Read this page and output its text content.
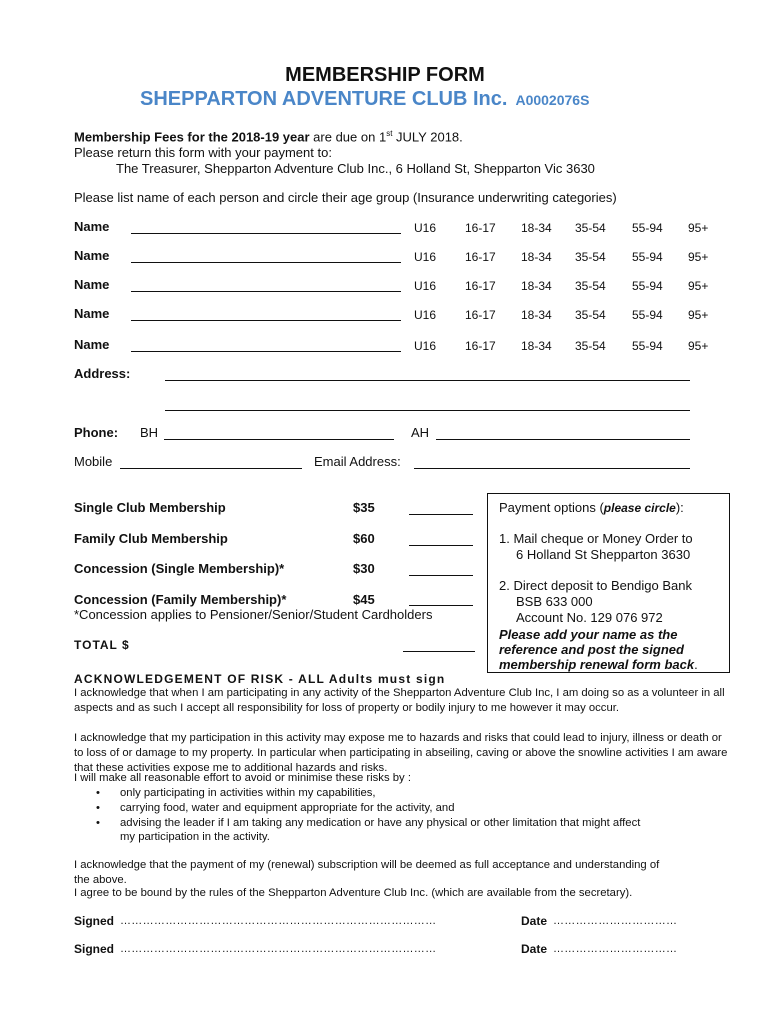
MEMBERSHIP FORM
SHEPPARTON ADVENTURE CLUB Inc. A0002076S
Membership Fees for the 2018-19 year are due on 1st JULY 2018.
Please return this form with your payment to:
The Treasurer, Shepparton Adventure Club Inc., 6 Holland St, Shepparton Vic 3630
Please list name of each person and circle their age group (Insurance underwriting categories)
Name	U16 16-17 18-34 35-54 55-94 95+
Name	U16 16-17 18-34 35-54 55-94 95+
Name	U16 16-17 18-34 35-54 55-94 95+
Name	U16 16-17 18-34 35-54 55-94 95+
Name	U16 16-17 18-34 35-54 55-94 95+
Address:
Phone: BH	AH
Mobile	Email Address:
Single Club Membership	$35
Family Club Membership	$60
Concession (Single Membership)*	$30
Concession (Family Membership)*	$45
*Concession applies to Pensioner/Senior/Student Cardholders
TOTAL $
Payment options (please circle):
1. Mail cheque or Money Order to
6 Holland St Shepparton 3630
2. Direct deposit to Bendigo Bank
BSB 633 000
Account No. 129 076 972
Please add your name as the
reference and post the signed
membership renewal form back.
ACKNOWLEDGEMENT OF RISK - ALL Adults must sign
I acknowledge that when I am participating in any activity of the Shepparton Adventure Club Inc, I am doing so as a volunteer in all aspects and as such I accept all responsibility for loss of property or bodily injury to me however it may occur.
I acknowledge that my participation in this activity may expose me to hazards and risks that could lead to injury, illness or death or to loss of or damage to my property. In particular when participating in abseiling, caving or above the snowline activities I am aware that these activities expose me to additional hazards and risks.
I will make all reasonable effort to avoid or minimise these risks by :
• only participating in activities within my capabilities,
• carrying food, water and equipment appropriate for the activity, and
• advising the leader if I am taking any medication or have any physical or other limitation that might affect
my participation in the activity.
I acknowledge that the payment of my (renewal) subscription will be deemed as full acceptance and understanding of the above.
I agree to be bound by the rules of the Shepparton Adventure Club Inc. (which are available from the secretary).
Signed …………………………………………………………………………	Date ……………………………
Signed …………………………………………………………………………	Date ……………………………
